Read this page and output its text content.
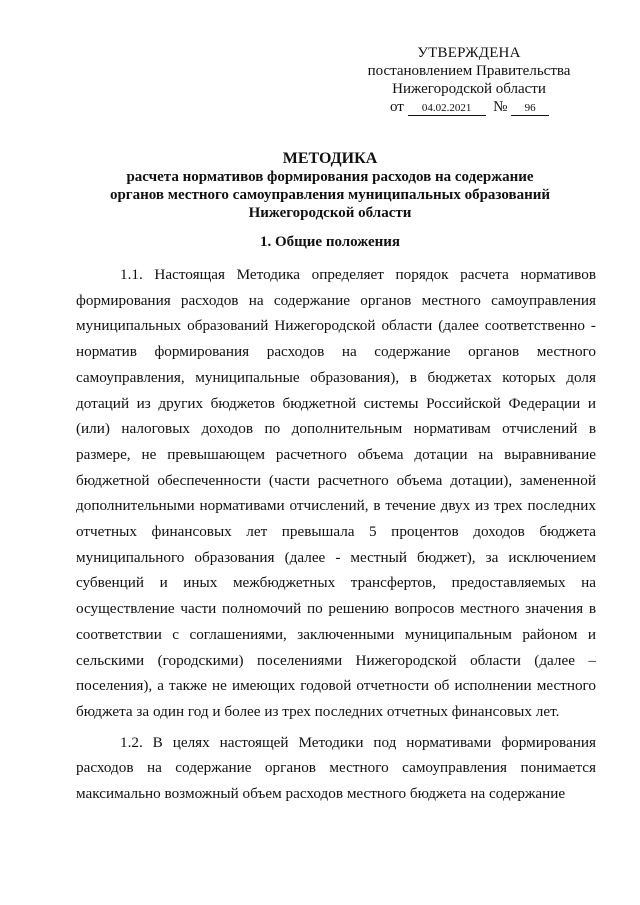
УТВЕРЖДЕНА
постановлением Правительства
Нижегородской области
от 04.02.2021 № 96
МЕТОДИКА
расчета нормативов формирования расходов на содержание
органов местного самоуправления муниципальных образований
Нижегородской области
1. Общие положения

1.1. Настоящая Методика определяет порядок расчета нормативов формирования расходов на содержание органов местного самоуправления муниципальных образований Нижегородской области (далее соответственно - норматив формирования расходов на содержание органов местного самоуправления, муниципальные образования), в бюджетах которых доля дотаций из других бюджетов бюджетной системы Российской Федерации и (или) налоговых доходов по дополнительным нормативам отчислений в размере, не превышающем расчетного объема дотации на выравнивание бюджетной обеспеченности (части расчетного объема дотации), замененной дополнительными нормативами отчислений, в течение двух из трех последних отчетных финансовых лет превышала 5 процентов доходов бюджета муниципального образования (далее - местный бюджет), за исключением субвенций и иных межбюджетных трансфертов, предоставляемых на осуществление части полномочий по решению вопросов местного значения в соответствии с соглашениями, заключенными муниципальным районом и сельскими (городскими) поселениями Нижегородской области (далее – поселения), а также не имеющих годовой отчетности об исполнении местного бюджета за один год и более из трех последних отчетных финансовых лет.

1.2. В целях настоящей Методики под нормативами формирования расходов на содержание органов местного самоуправления понимается максимально возможный объем расходов местного бюджета на содержание
